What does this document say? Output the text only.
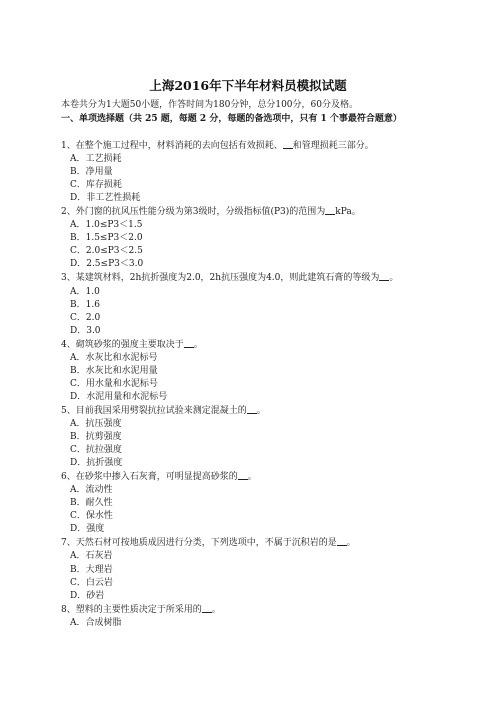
上海2016年下半年材料员模拟试题
本卷共分为1大题50小题，作答时间为180分钟，总分100分，60分及格。
一、单项选择题（共 25 题，每题 2 分，每题的备选项中，只有 1 个事最符合题意）
1、在整个施工过程中，材料消耗的去向包括有效损耗、 和管理损耗三部分。
A．工艺损耗
B．净用量
C．库存损耗
D．非工艺性损耗
2、外门窗的抗风压性能分级为第3级时，分级指标值(P3)的范围为 kPa。
A．1.0≤P3＜1.5
B．1.5≤P3＜2.0
C．2.0≤P3＜2.5
D．2.5≤P3＜3.0
3、某建筑材料，2h抗折强度为2.0，2h抗压强度为4.0，则此建筑石膏的等级为 。
A．1.0
B．1.6
C．2.0
D．3.0
4、砌筑砂浆的强度主要取决于 。
A．水灰比和水泥标号
B．水灰比和水泥用量
C．用水量和水泥标号
D．水泥用量和水泥标号
5、目前我国采用劈裂抗拉试验来测定混凝土的 。
A．抗压强度
B．抗剪强度
C．抗拉强度
D．抗折强度
6、在砂浆中掺入石灰膏，可明显提高砂浆的 。
A．流动性
B．耐久性
C．保水性
D．强度
7、天然石材可按地质成因进行分类，下列选项中，不属于沉积岩的是 。
A．石灰岩
B．大理岩
C．白云岩
D．砂岩
8、塑料的主要性质决定于所采用的 。
A．合成树脂
